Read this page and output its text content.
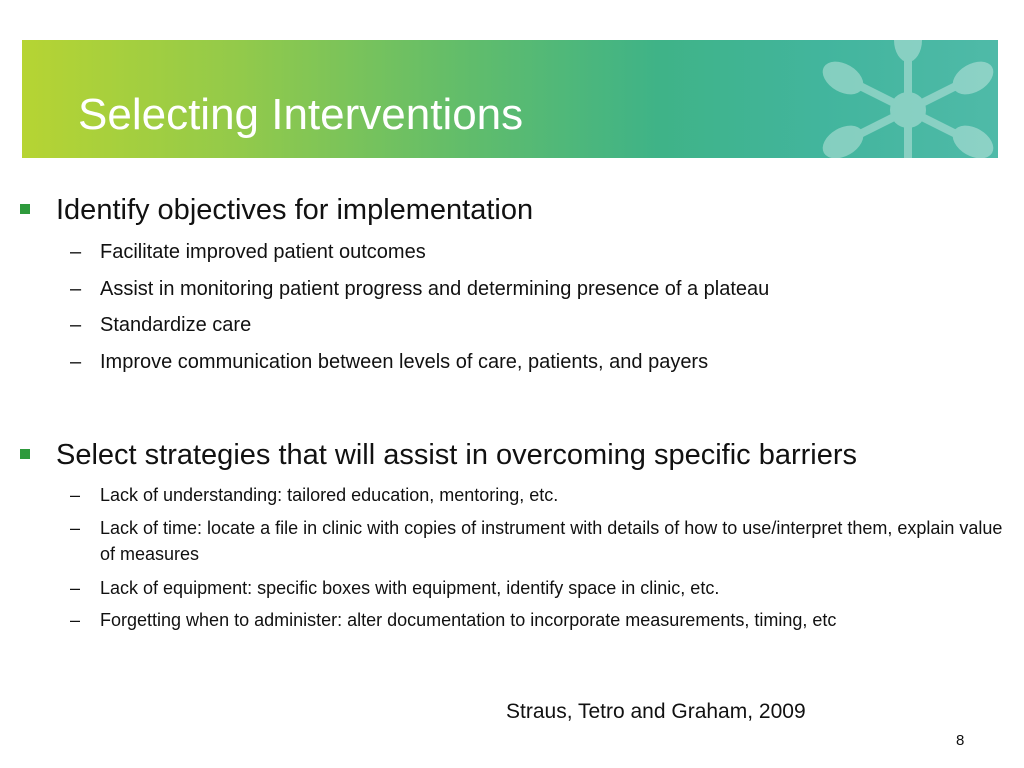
Selecting Interventions
Identify objectives for implementation
– Facilitate improved patient outcomes
– Assist in monitoring patient progress and determining presence of a plateau
– Standardize care
– Improve communication between levels of care, patients, and payers
Select strategies that will assist in overcoming specific barriers
– Lack of understanding: tailored education, mentoring, etc.
– Lack of time: locate a file in clinic with copies of instrument with details of how to use/interpret them, explain value of measures
– Lack of equipment: specific boxes with equipment, identify space in clinic, etc.
– Forgetting when to administer: alter documentation to incorporate measurements, timing, etc
Straus, Tetro and Graham, 2009
8
